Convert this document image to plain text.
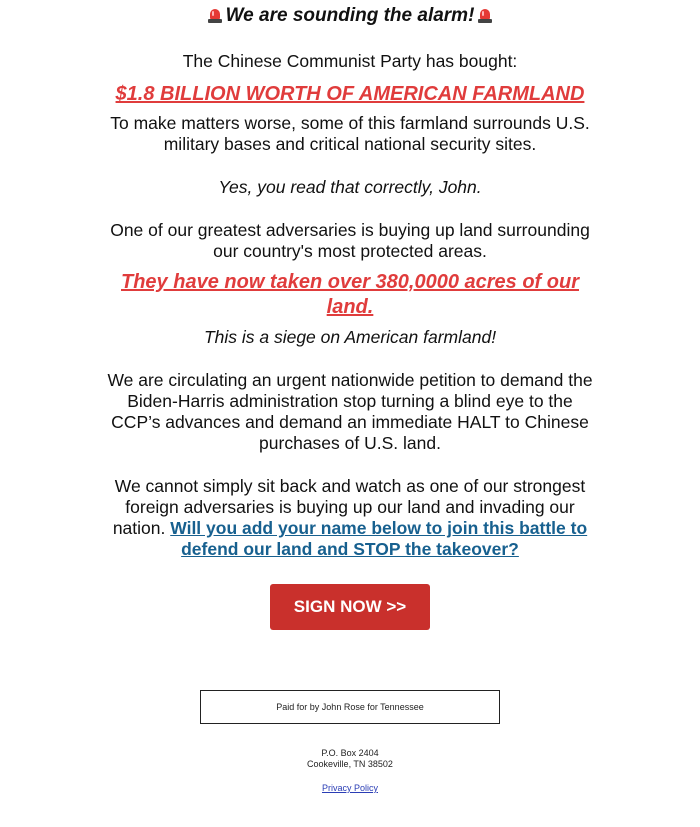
We are sounding the alarm!

The Chinese Communist Party has bought:

$1.8 BILLION WORTH OF AMERICAN FARMLAND

To make matters worse, some of this farmland surrounds U.S.
military bases and critical national security sites.

Yes, you read that correctly, John.

One of our greatest adversaries is buying up land surrounding
our country's most protected areas.

They have now taken over 380,0000 acres of our
land.

This is a siege on American farmland!

We are circulating an urgent nationwide petition to demand the
Biden-Harris administration stop turning a blind eye to the
CCP’s advances and demand an immediate HALT to Chinese
purchases of U.S. land.

We cannot simply sit back and watch as one of our strongest
foreign adversaries is buying up our land and invading our
nation. Will you add your name below to join this battle to
defend our land and STOP the takeover?

SIGN NOW >>
Paid for by John Rose for Tennessee
P.O. Box 2404
Cookeville, TN 38502
Privacy Policy
